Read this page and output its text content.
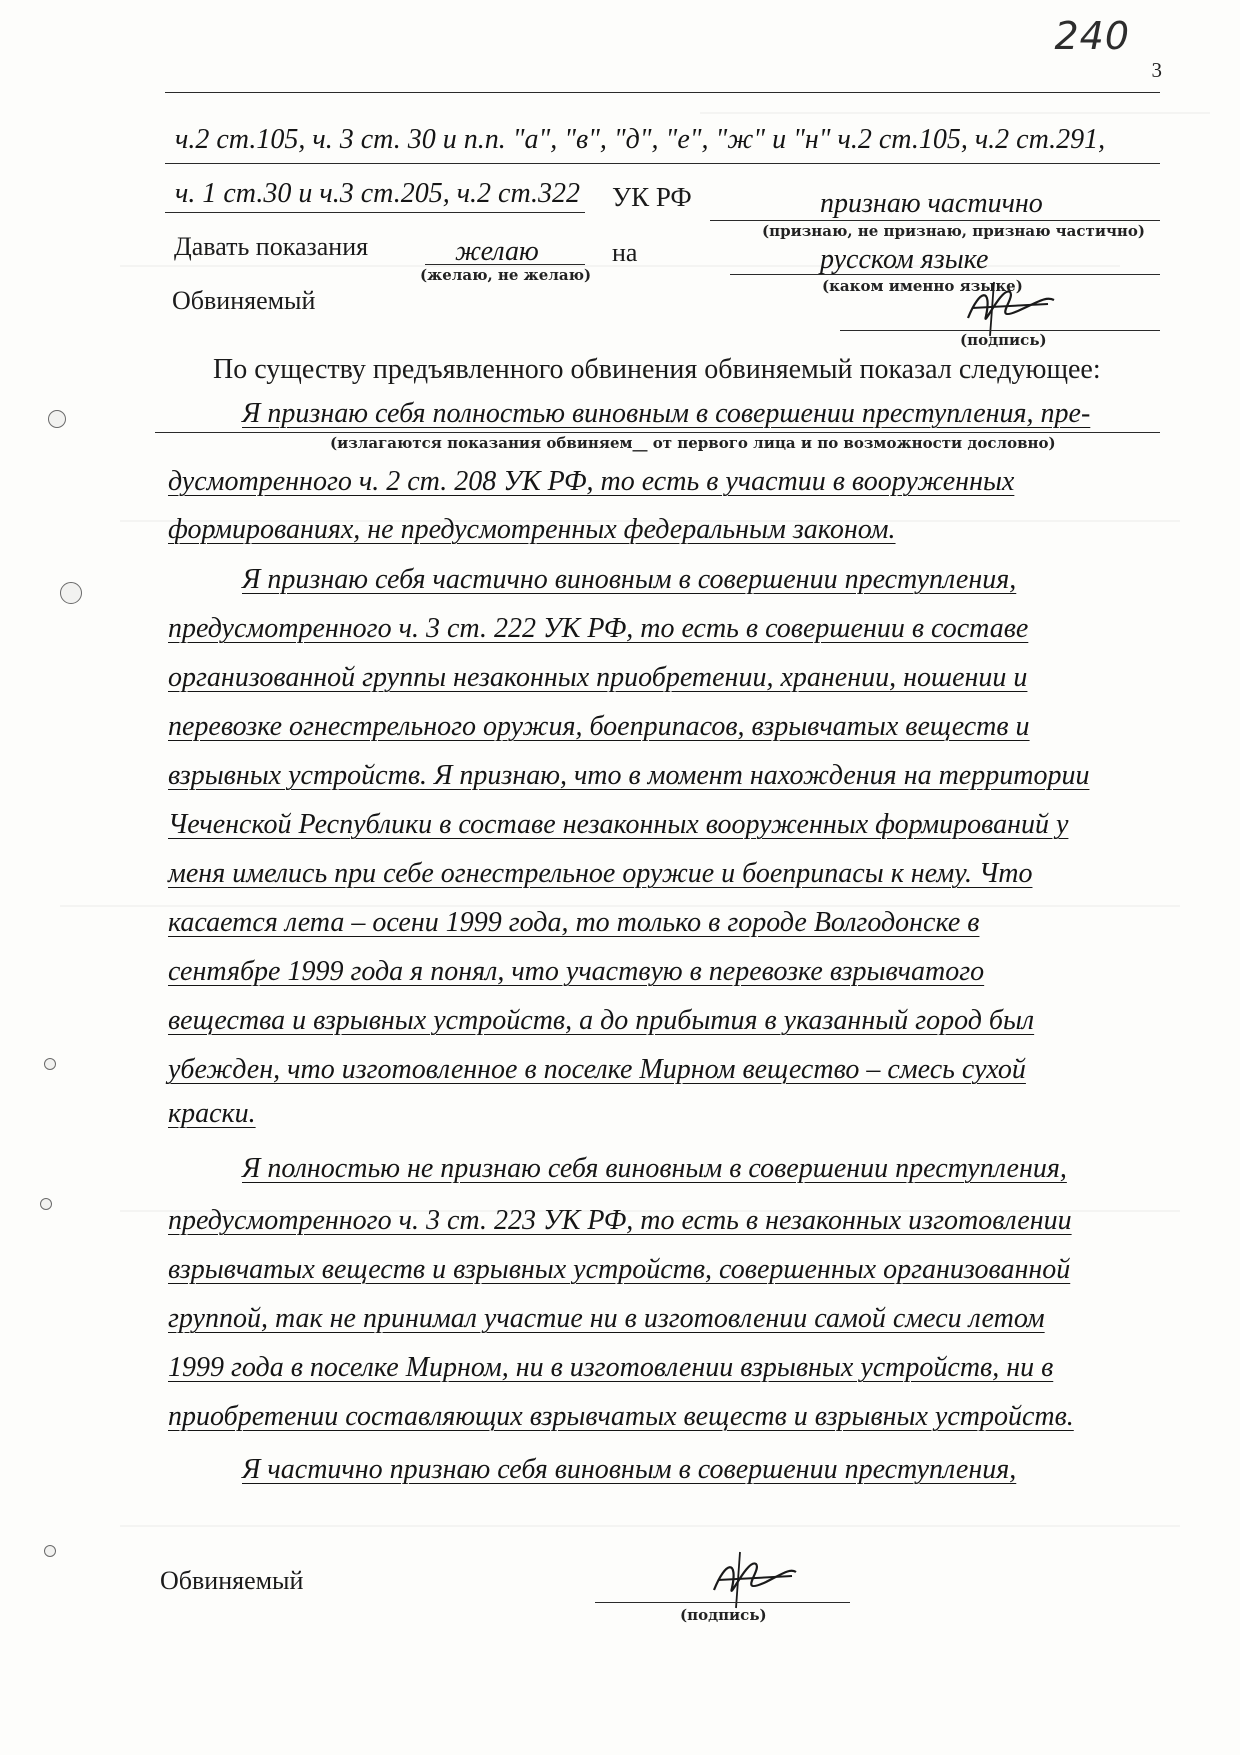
240
3
ч.2 ст.105, ч. 3 ст. 30 и п.п. "а", "в", "д", "е", "ж" и "н" ч.2 ст.105, ч.2 ст.291,
ч. 1 ст.30 и ч.3 ст.205, ч.2 ст.322 УК РФ	признаю частично
(признаю, не признаю, признаю частично)
Давать показания	желаю
(желаю, не желаю)
на	русском языке
(каком именно языке)
Обвиняемый
(подпись)
По существу предъявленного обвинения обвиняемый показал следующее:
Я признаю себя полностью виновным в совершении преступления, пре-
(излагаются показания обвиняем__ от первого лица и по возможности дословно)
дусмотренного ч. 2 ст. 208 УК РФ, то есть в участии в вооруженных
формированиях, не предусмотренных федеральным законом.
Я признаю себя частично виновным в совершении преступления,
предусмотренного ч. 3 ст. 222 УК РФ, то есть в совершении в составе
организованной группы незаконных приобретении, хранении, ношении и
перевозке огнестрельного оружия, боеприпасов, взрывчатых веществ и
взрывных устройств. Я признаю, что в момент нахождения на территории
Чеченской Республики в составе незаконных вооруженных формирований у
меня имелись при себе огнестрельное оружие и боеприпасы к нему. Что
касается лета – осени 1999 года, то только в городе Волгодонске в
сентябре 1999 года я понял, что участвую в перевозке взрывчатого
вещества и взрывных устройств, а до прибытия в указанный город был
убежден, что изготовленное в поселке Мирном вещество – смесь сухой
краски.
Я полностью не признаю себя виновным в совершении преступления,
предусмотренного ч. 3 ст. 223 УК РФ, то есть в незаконных изготовлении
взрывчатых веществ и взрывных устройств, совершенных организованной
группой, так не принимал участие ни в изготовлении самой смеси летом
1999 года в поселке Мирном, ни в изготовлении взрывных устройств, ни в
приобретении составляющих взрывчатых веществ и взрывных устройств.
Я частично признаю себя виновным в совершении преступления,
Обвиняемый
(подпись)
